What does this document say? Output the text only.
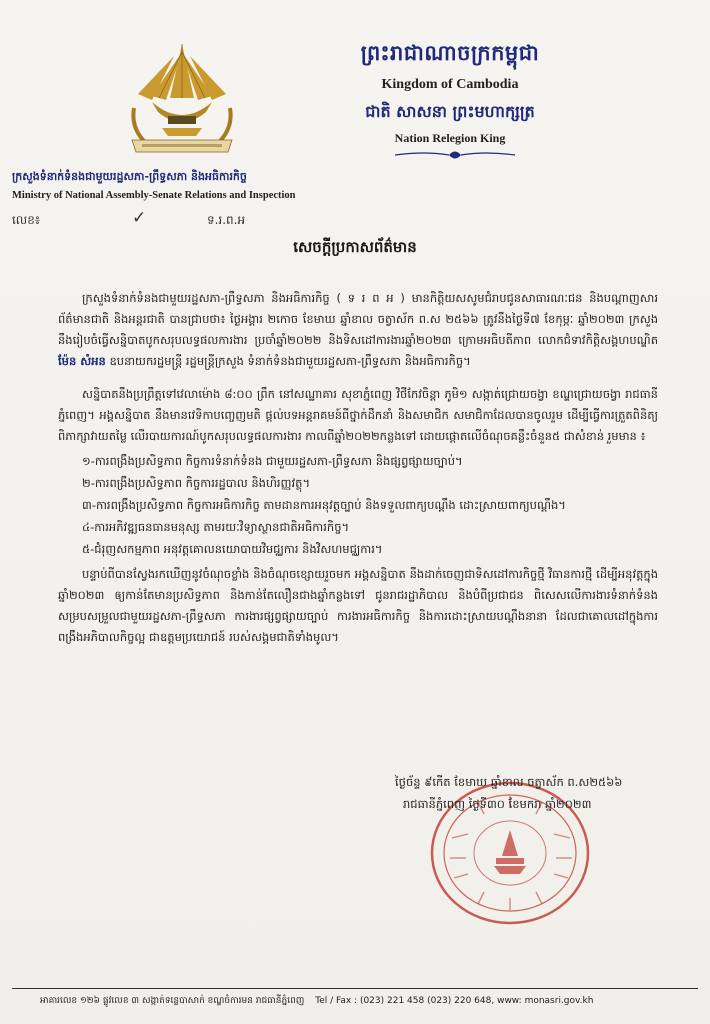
ព្រះរាជាណាចក្រកម្ពុជា
Kingdom of Cambodia
ជាតិ សាសនា ព្រះមហាក្សត្រ
Nation Relegion King
ក្រសួងទំនាក់ទំនងជាមួយរដ្ឋសភា-ព្រឹទ្ធសភា និងអធិការកិច្ច
Ministry of National Assembly-Senate Relations and Inspection
លេខ៖	✓	ទ.រ.ព.អ
សេចក្តីប្រកាសព័ត៌មាន

ក្រសួងទំនាក់ទំនងជាមួយរដ្ឋសភា-ព្រឹទ្ធសភា និងអធិការកិច្ច ( ទ រ ព អ ) មានកិត្តិយសសូមជំរាបជូនសាធារណៈជន និងបណ្តាញសារព័ត៌មានជាតិ និងអន្តរជាតិ បានជ្រាបថា៖ ថ្ងៃអង្គារ ២កោច ខែមាឃ ឆ្នាំខាល ចត្វាស័ក ព.ស ២៥៦៦ ត្រូវនឹងថ្ងៃទី៧ ខែកុម្ភៈ ឆ្នាំ២០២៣ ក្រសួងនឹងរៀបចំធ្វើសន្និបាតបូកសរុបលទ្ធផលការងារ ប្រចាំឆ្នាំ២០២២ និងទិសដៅការងារឆ្នាំ២០២៣ ក្រោមអធិបតីភាព លោកជំទាវកិត្តិសង្គហបណ្ឌិត ម៉ែន សំអន ឧបនាយករដ្ឋមន្ត្រី រដ្ឋមន្ត្រីក្រសួង ទំនាក់ទំនងជាមួយរដ្ឋសភា-ព្រឹទ្ធសភា និងអធិការកិច្ច។

សន្និបាតនឹងប្រព្រឹត្តទៅវេលាម៉ោង ៨:០០ ព្រឹក នៅសណ្ឋាគារ សុខាភ្នំពេញ វិថីកែវចិន្តា ភូមិ១ សង្កាត់ជ្រោយចង្វា ខណ្ឌជ្រោយចង្វា រាជធានីភ្នំពេញ។ អង្គសន្និបាត នឹងមានវេទិកាបញ្ចេញមតិ ផ្តល់បទអន្តរាគមន៍ពីថ្នាក់ដឹកនាំ និងសមាជិក សមាជិកាដែលបានចូលរួម ដើម្បីធ្វើការត្រួតពិនិត្យ ពិភាក្សាវាយតម្លៃ លើរបាយការណ៍បូកសរុបលទ្ធផលការងារ កាលពីឆ្នាំ២០២២កន្លងទៅ ដោយផ្តោតលើចំណុចគន្លឹះចំនួន៥ ជាសំខាន់ រួមមាន ៖

១-ការពង្រឹងប្រសិទ្ធភាព កិច្ចការទំនាក់ទំនង ជាមួយរដ្ឋសភា-ព្រឹទ្ធសភា និងផ្សព្វផ្សាយច្បាប់។
២-ការពង្រឹងប្រសិទ្ធភាព កិច្ចការរដ្ឋបាល និងហិរញ្ញវត្ថុ។
៣-ការពង្រឹងប្រសិទ្ធភាព កិច្ចការអធិការកិច្ច តាមដានការអនុវត្តច្បាប់ និងទទួលពាក្យបណ្តឹង ដោះស្រាយពាក្យបណ្តឹង។
៤-ការអភិវឌ្ឍធនធានមនុស្ស តាមរយៈវិទ្យាស្ថានជាតិអធិការកិច្ច។
៥-ជំរុញសកម្មភាព អនុវត្តគោលនយោបាយវិមជ្ឈការ និងវិសហមជ្ឈការ។

បន្ទាប់ពីបានស្វែងរកឃើញនូវចំណុចខ្លាំង និងចំណុចខ្សោយរួចមក អង្គសន្និបាត នឹងដាក់ចេញជាទិសដៅការកិច្ចថ្មី វិធានការថ្មី ដើម្បីអនុវត្តក្នុងឆ្នាំ២០២៣ ឲ្យកាន់តែមានប្រសិទ្ធភាព និងកាន់តែលឿនជាងឆ្នាំកន្លងទៅ ជូនរាជរដ្ឋាភិបាល និងបំពីប្រជាជន ពិសេសលើការងារទំនាក់ទំនង សម្របសម្រួលជាមួយរដ្ឋសភា-ព្រឹទ្ធសភា ការងារផ្សព្វផ្សាយច្បាប់ ការងារអធិការកិច្ច និងការដោះស្រាយបណ្តឹងនានា ដែលជាគោលដៅក្នុងការពង្រឹងអភិបាលកិច្ចល្អ ជាឧត្តមប្រយោជន៍ របស់សង្គមជាតិទាំងមូល។

ថ្ងៃច័ន្ទ ៩កើត ខែមាឃ ឆ្នាំខាល ចត្វាស័ក ព.ស២៥៦៦
រាជធានីភ្នំពេញ ថ្ងៃទី៣០ ខែមករា ឆ្នាំ២០២៣
អាគារលេខ ១២៦ ផ្លូវលេខ ៣ សង្កាត់ទន្លេបាសាក់ ខណ្ឌចំការមន រាជធានីភ្នំពេញ Tel / Fax : (023) 221 458 (023) 220 648, www: monasri.gov.kh
